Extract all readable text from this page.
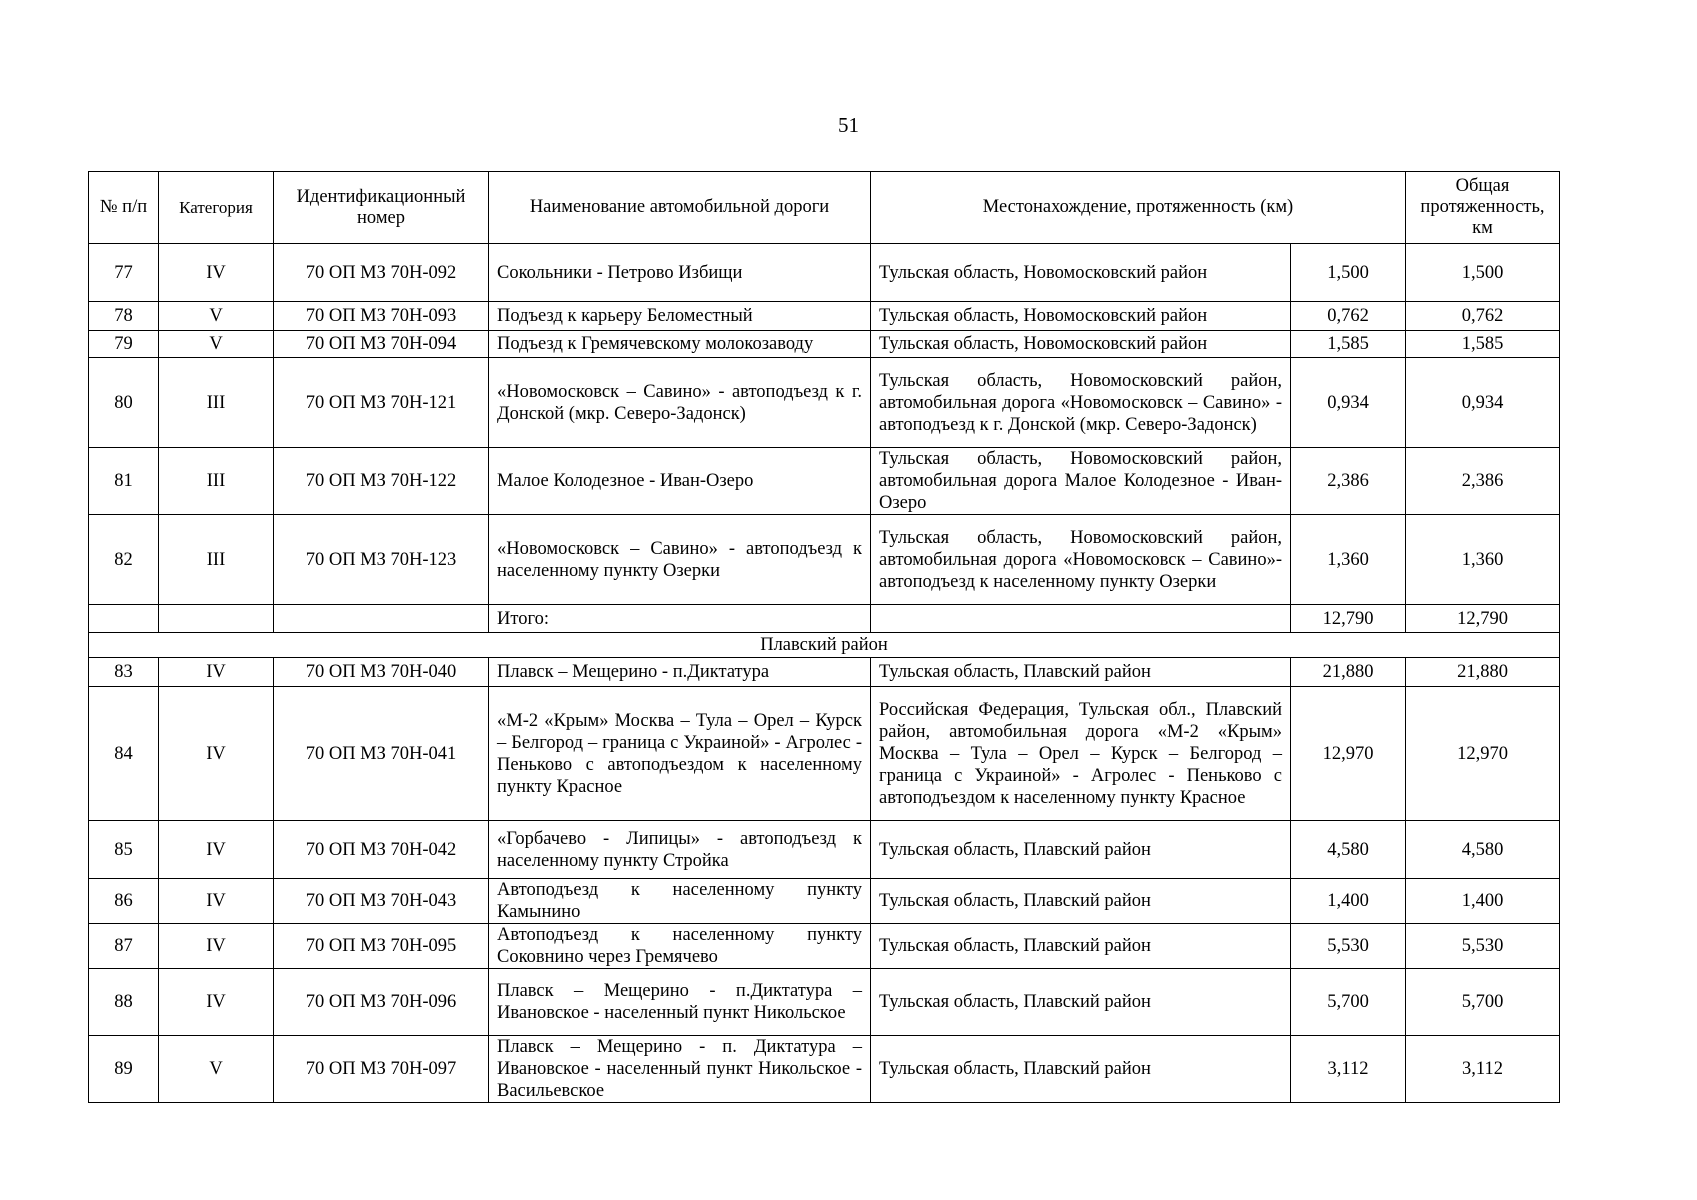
51
№ п/п	Категория	Идентификационный номер	Наименование автомобильной дороги	Местонахождение, протяженность (км)		Общая протяженность, км
77	IV	70 ОП МЗ 70Н-092	Сокольники - Петрово Избищи	Тульская область, Новомосковский район	1,500	1,500
78	V	70 ОП МЗ 70Н-093	Подъезд к карьеру Беломестный	Тульская область, Новомосковский район	0,762	0,762
79	V	70 ОП МЗ 70Н-094	Подъезд к Гремячевскому молокозаводу	Тульская область, Новомосковский район	1,585	1,585
80	III	70 ОП МЗ 70Н-121	«Новомосковск – Савино» - автоподъезд к г. Донской (мкр. Северо-Задонск)	Тульская область, Новомосковский район, автомобильная дорога «Новомосковск – Савино» - автоподъезд к г. Донской (мкр. Северо-Задонск)	0,934	0,934
81	III	70 ОП МЗ 70Н-122	Малое Колодезное - Иван-Озеро	Тульская область, Новомосковский район, автомобильная дорога Малое Колодезное - Иван-Озеро	2,386	2,386
82	III	70 ОП МЗ 70Н-123	«Новомосковск – Савино» - автоподъезд к населенному пункту Озерки	Тульская область, Новомосковский район, автомобильная дорога «Новомосковск – Савино»- автоподъезд к населенному пункту Озерки	1,360	1,360
			Итого:		12,790	12,790
Плавский район						
83	IV	70 ОП МЗ 70Н-040	Плавск – Мещерино - п.Диктатура	Тульская область, Плавский район	21,880	21,880
84	IV	70 ОП МЗ 70Н-041	«М-2 «Крым» Москва – Тула – Орел – Курск – Белгород – граница с Украиной» - Агролес - Пеньково с автоподъездом к населенному пункту Красное	Российская Федерация, Тульская обл., Плавский район, автомобильная дорога «М-2 «Крым» Москва – Тула – Орел – Курск – Белгород – граница с Украиной» - Агролес - Пеньково с автоподъездом к населенному пункту Красное	12,970	12,970
85	IV	70 ОП МЗ 70Н-042	«Горбачево - Липицы» - автоподъезд к населенному пункту Стройка	Тульская область, Плавский район	4,580	4,580
86	IV	70 ОП МЗ 70Н-043	Автоподъезд к населенному пункту Камынино	Тульская область, Плавский район	1,400	1,400
87	IV	70 ОП МЗ 70Н-095	Автоподъезд к населенному пункту Соковнино через Гремячево	Тульская область, Плавский район	5,530	5,530
88	IV	70 ОП МЗ 70Н-096	Плавск – Мещерино - п.Диктатура – Ивановское - населенный пункт Никольское	Тульская область, Плавский район	5,700	5,700
89	V	70 ОП МЗ 70Н-097	Плавск – Мещерино - п. Диктатура – Ивановское - населенный пункт Никольское - Васильевское	Тульская область, Плавский район	3,112	3,112
